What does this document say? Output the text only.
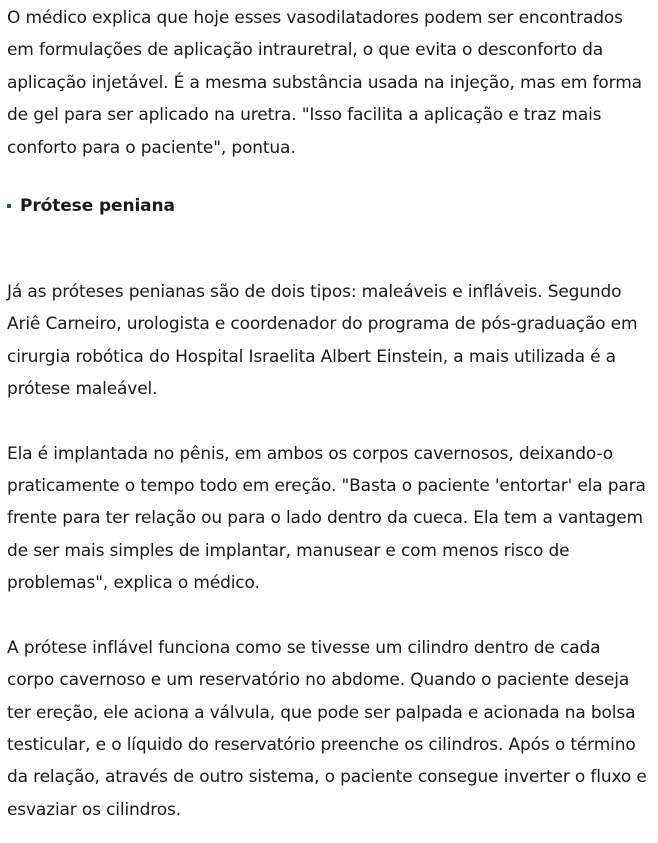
O médico explica que hoje esses vasodilatadores podem ser encontrados em formulações de aplicação intrauretral, o que evita o desconforto da aplicação injetável. É a mesma substância usada na injeção, mas em forma de gel para ser aplicado na uretra. "Isso facilita a aplicação e traz mais conforto para o paciente", pontua.

Prótese peniana

Já as próteses penianas são de dois tipos: maleáveis e infláveis. Segundo Ariê Carneiro, urologista e coordenador do programa de pós-graduação em cirurgia robótica do Hospital Israelita Albert Einstein, a mais utilizada é a prótese maleável.

Ela é implantada no pênis, em ambos os corpos cavernosos, deixando-o praticamente o tempo todo em ereção. "Basta o paciente 'entortar' ela para frente para ter relação ou para o lado dentro da cueca. Ela tem a vantagem de ser mais simples de implantar, manusear e com menos risco de problemas", explica o médico.

A prótese inflável funciona como se tivesse um cilindro dentro de cada corpo cavernoso e um reservatório no abdome. Quando o paciente deseja ter ereção, ele aciona a válvula, que pode ser palpada e acionada na bolsa testicular, e o líquido do reservatório preenche os cilindros. Após o término da relação, através de outro sistema, o paciente consegue inverter o fluxo e esvaziar os cilindros.
